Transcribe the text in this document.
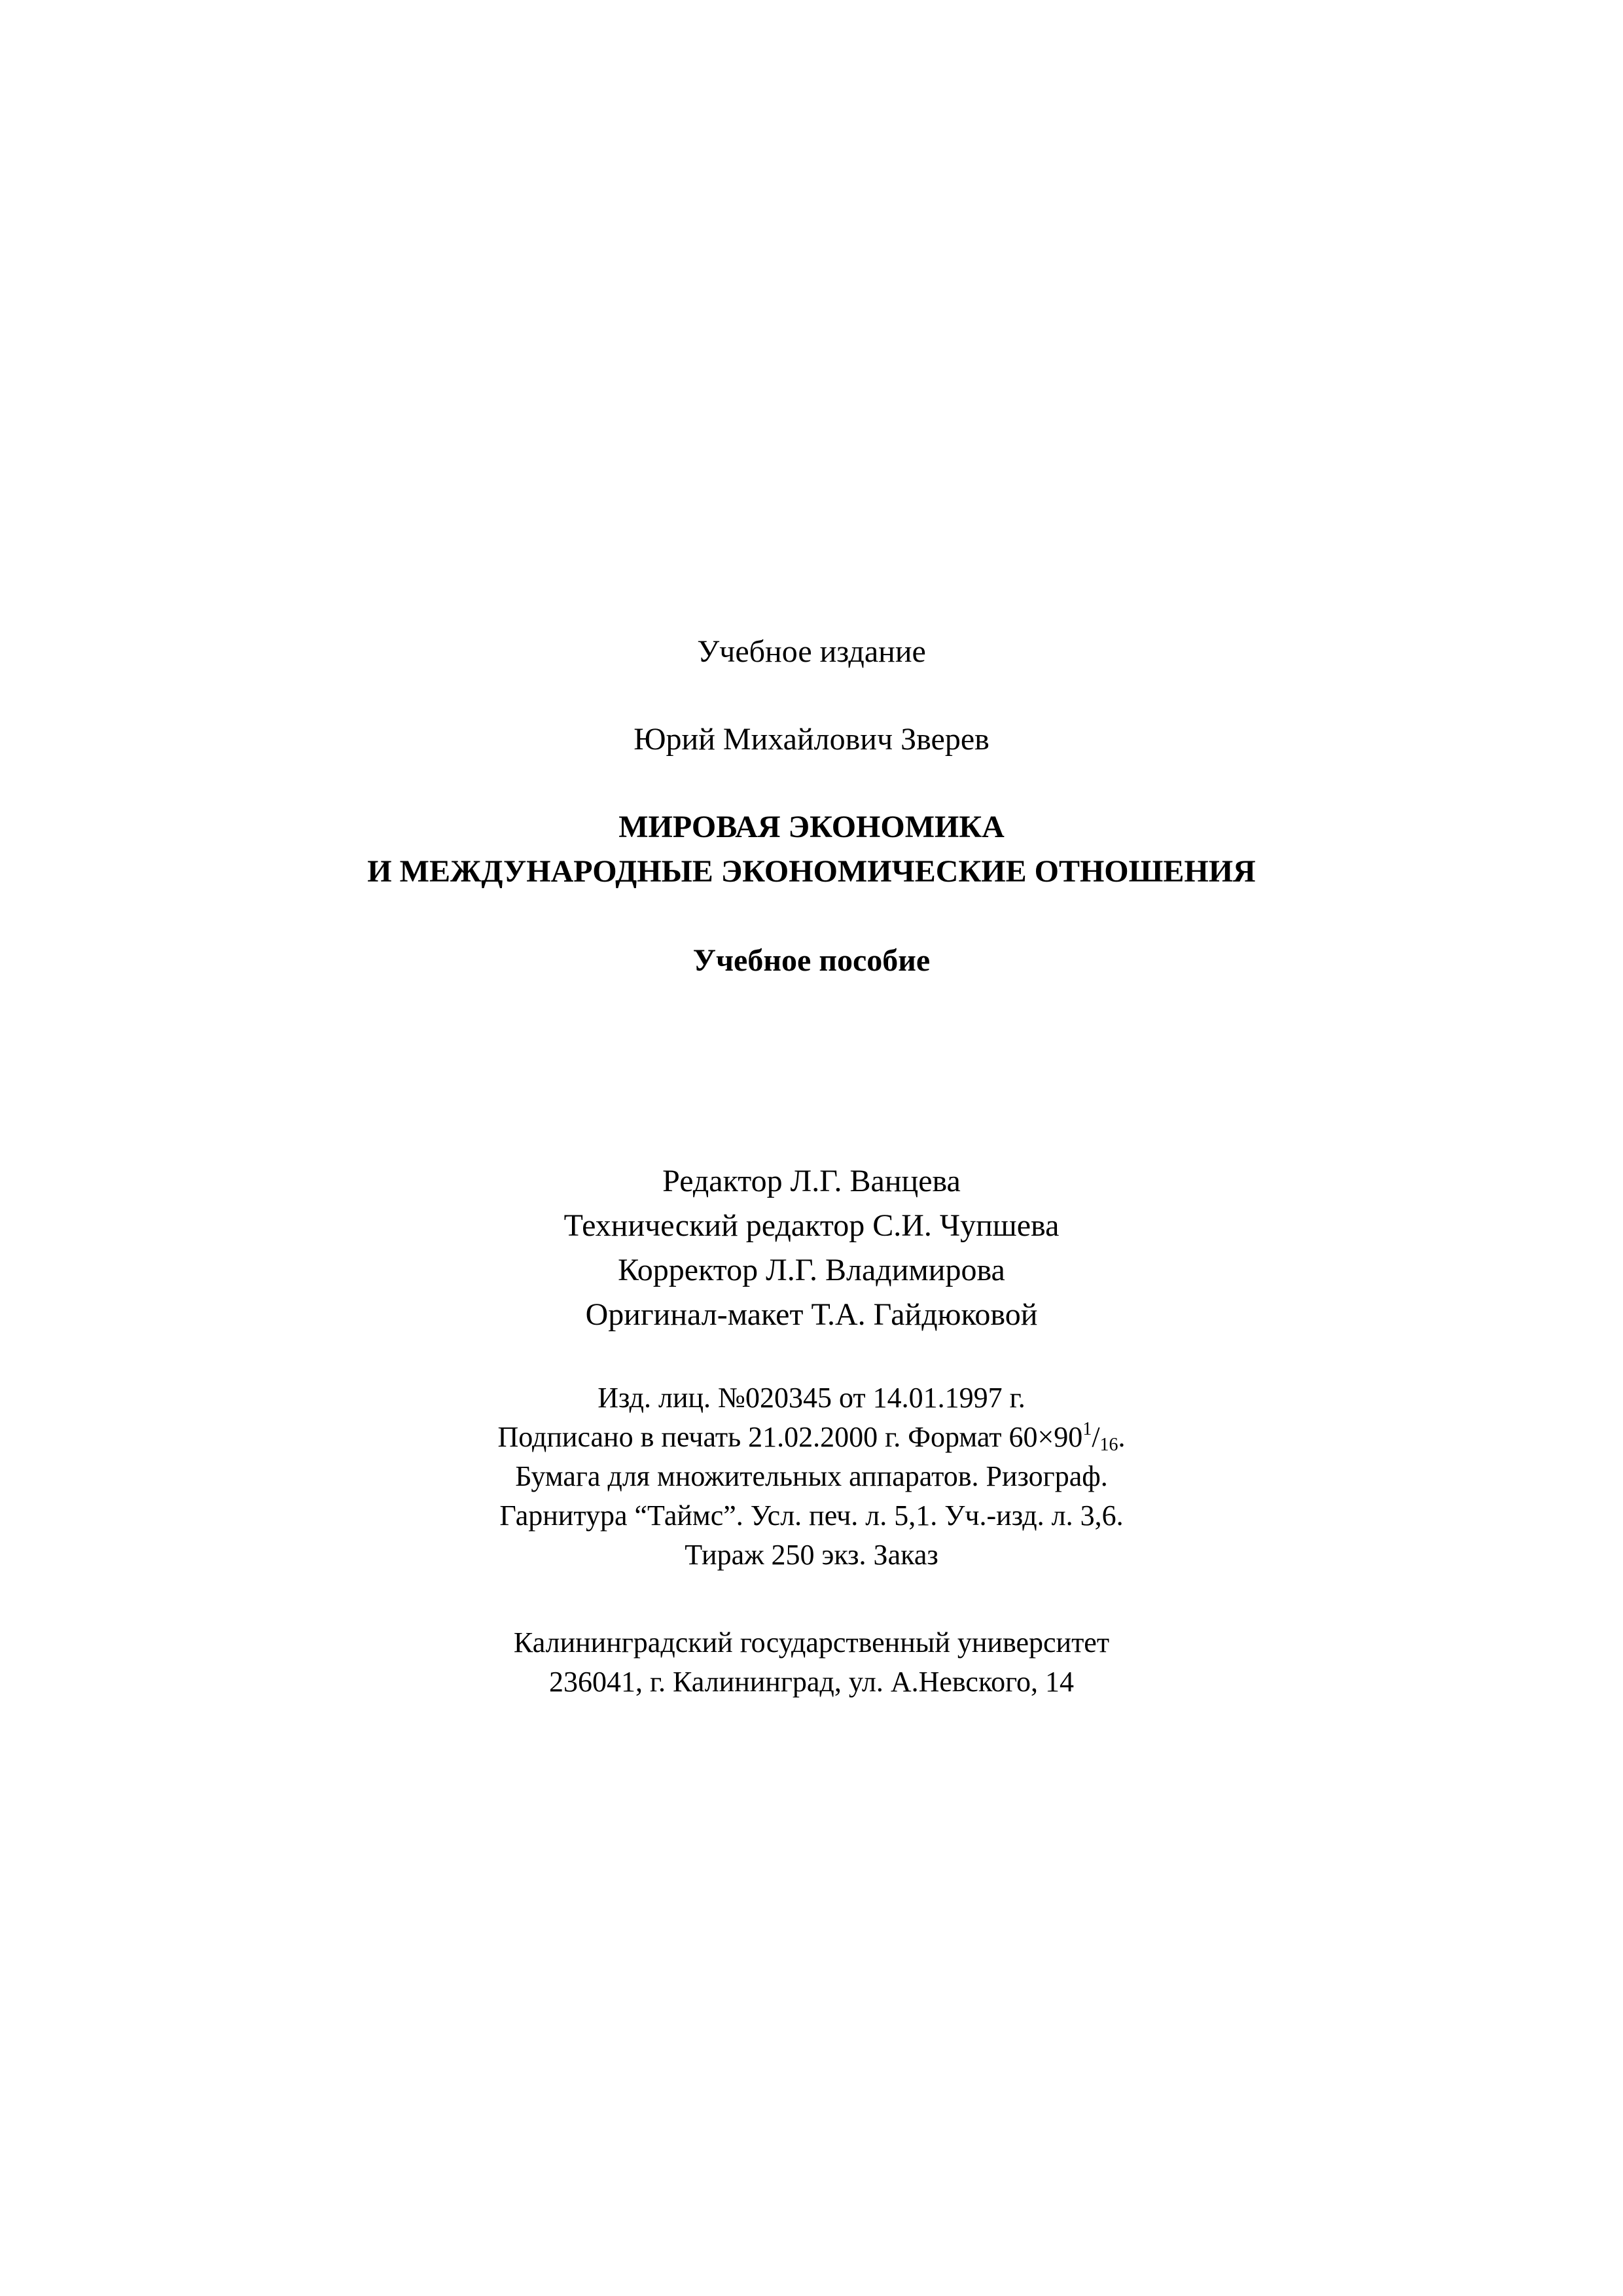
Учебное издание
Юрий Михайлович Зверев
МИРОВАЯ ЭКОНОМИКА
И МЕЖДУНАРОДНЫЕ ЭКОНОМИЧЕСКИЕ ОТНОШЕНИЯ
Учебное пособие
Редактор Л.Г. Ванцева
Технический редактор С.И. Чупшева
Корректор Л.Г. Владимирова
Оригинал-макет Т.А. Гайдюковой
Изд. лиц. №020345 от 14.01.1997 г.
Подписано в печать 21.02.2000 г. Формат $60\times 90^1/_{16}$.
Бумага для множительных аппаратов. Ризограф.
Гарнитура “Таймс”. Усл. печ. л. 5,1. Уч.-изд. л. 3,6.
Тираж 250 экз. Заказ
Калининградский государственный университет
236041, г. Калининград, ул. А.Невского, 14
